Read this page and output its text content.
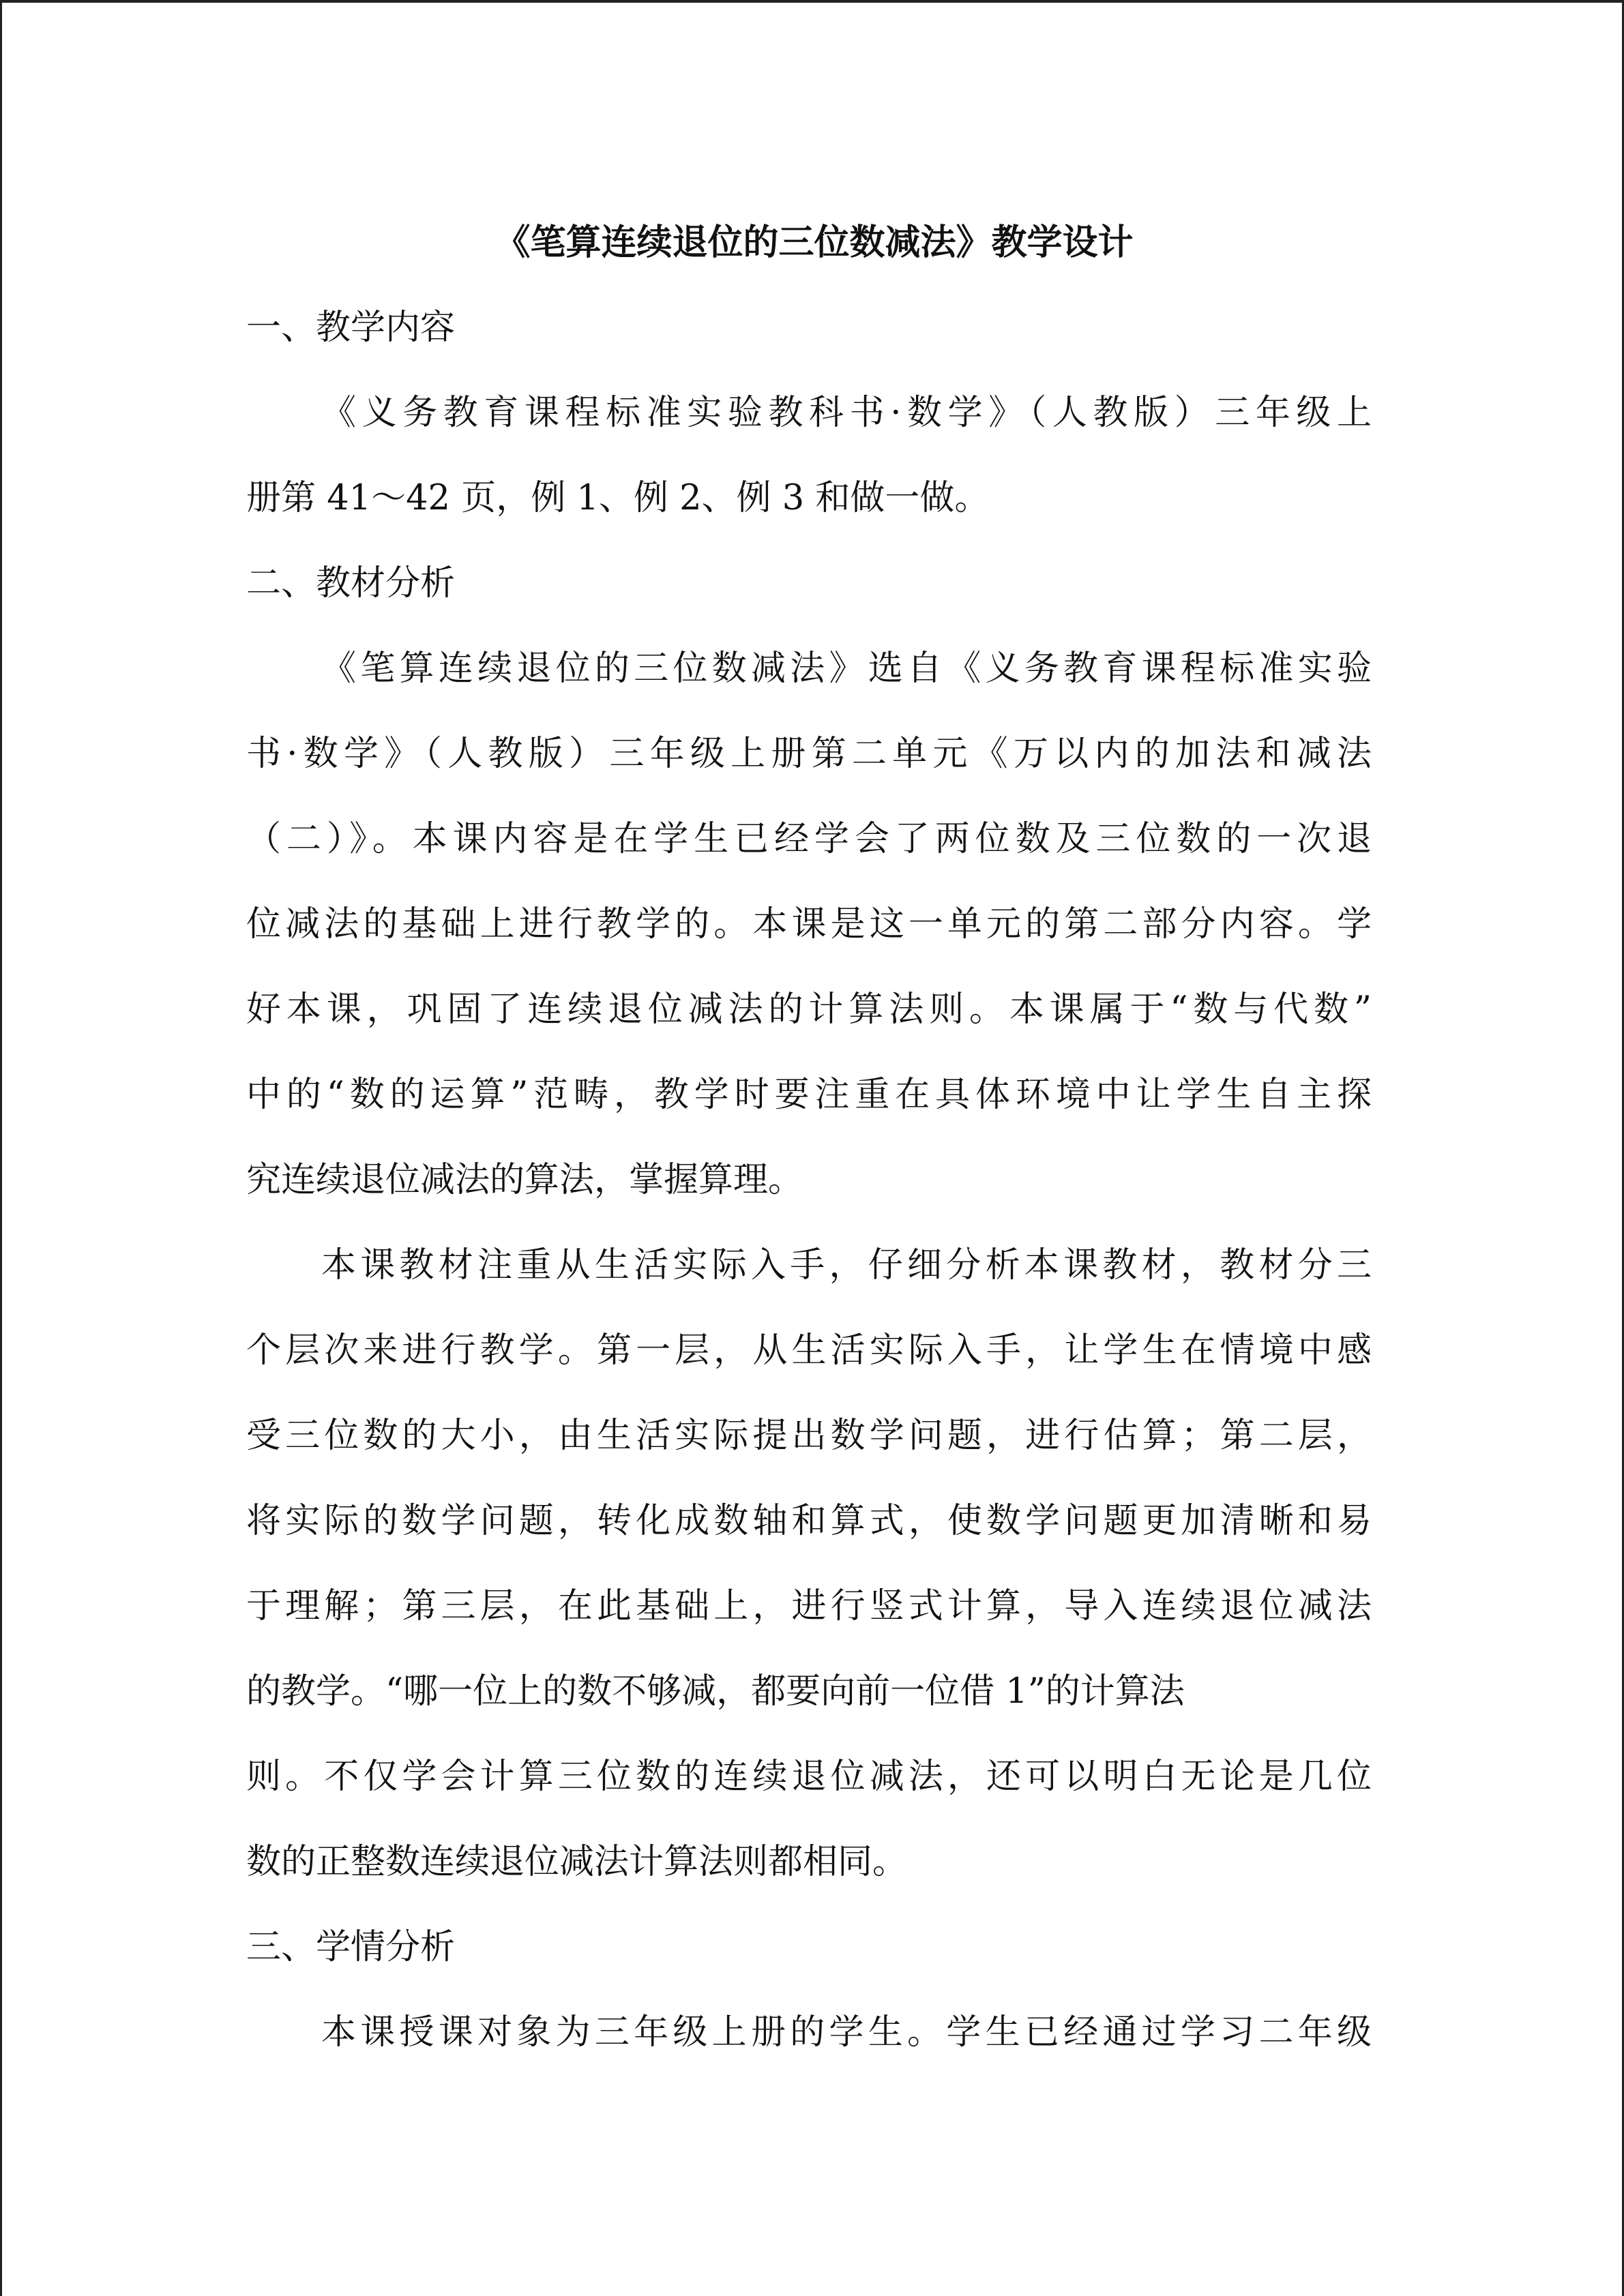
《笔算连续退位的三位数减法》教学设计

一、教学内容

《义务教育课程标准实验教科书·数学》（人教版）三年级上

册第 41～42 页，例 1、例 2、例 3 和做一做。

二、教材分析

《笔算连续退位的三位数减法》选自《义务教育课程标准实验

书·数学》（人教版）三年级上册第二单元《万以内的加法和减法

（二）》。本课内容是在学生已经学会了两位数及三位数的一次退

位减法的基础上进行教学的。本课是这一单元的第二部分内容。学

好本课，巩固了连续退位减法的计算法则。本课属于“数与代数”

中的“数的运算”范畴，教学时要注重在具体环境中让学生自主探

究连续退位减法的算法，掌握算理。

本课教材注重从生活实际入手，仔细分析本课教材，教材分三

个层次来进行教学。第一层，从生活实际入手，让学生在情境中感

受三位数的大小，由生活实际提出数学问题，进行估算；第二层，

将实际的数学问题，转化成数轴和算式，使数学问题更加清晰和易

于理解；第三层，在此基础上，进行竖式计算，导入连续退位减法

的教学。“哪一位上的数不够减，都要向前一位借 1”的计算法

则。不仅学会计算三位数的连续退位减法，还可以明白无论是几位

数的正整数连续退位减法计算法则都相同。

三、学情分析

本课授课对象为三年级上册的学生。学生已经通过学习二年级
